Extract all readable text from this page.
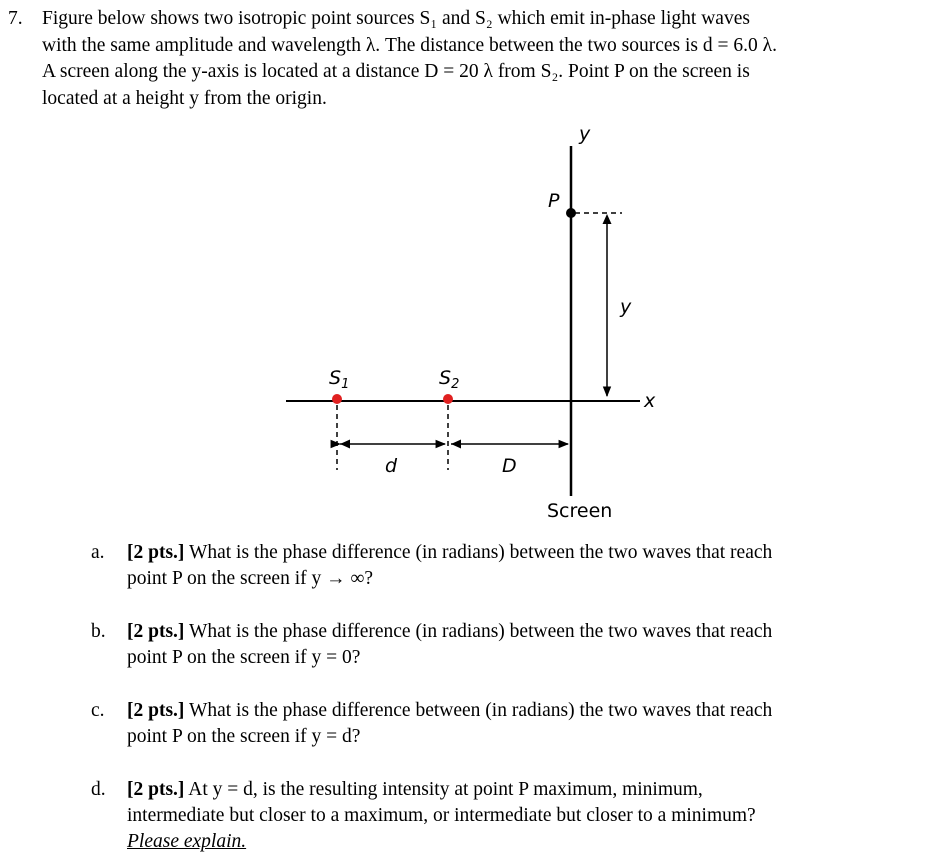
7. Figure below shows two isotropic point sources S₁ and S₂ which emit in-phase light waves
with the same amplitude and wavelength λ. The distance between the two sources is d = 6.0 λ.
A screen along the y-axis is located at a distance D = 20 λ from S₂. Point P on the screen is
located at a height y from the origin.
y
P
y
x
$S_1$	$S_2$
d	D
Screen
a. [2 pts.] What is the phase difference (in radians) between the two waves that reach
point P on the screen if y → ∞?
b. [2 pts.] What is the phase difference (in radians) between the two waves that reach
point P on the screen if y = 0?
c. [2 pts.] What is the phase difference between (in radians) the two waves that reach
point P on the screen if y = d?
d. [2 pts.] At y = d, is the resulting intensity at point P maximum, minimum,
intermediate but closer to a maximum, or intermediate but closer to a minimum?
Please explain.
